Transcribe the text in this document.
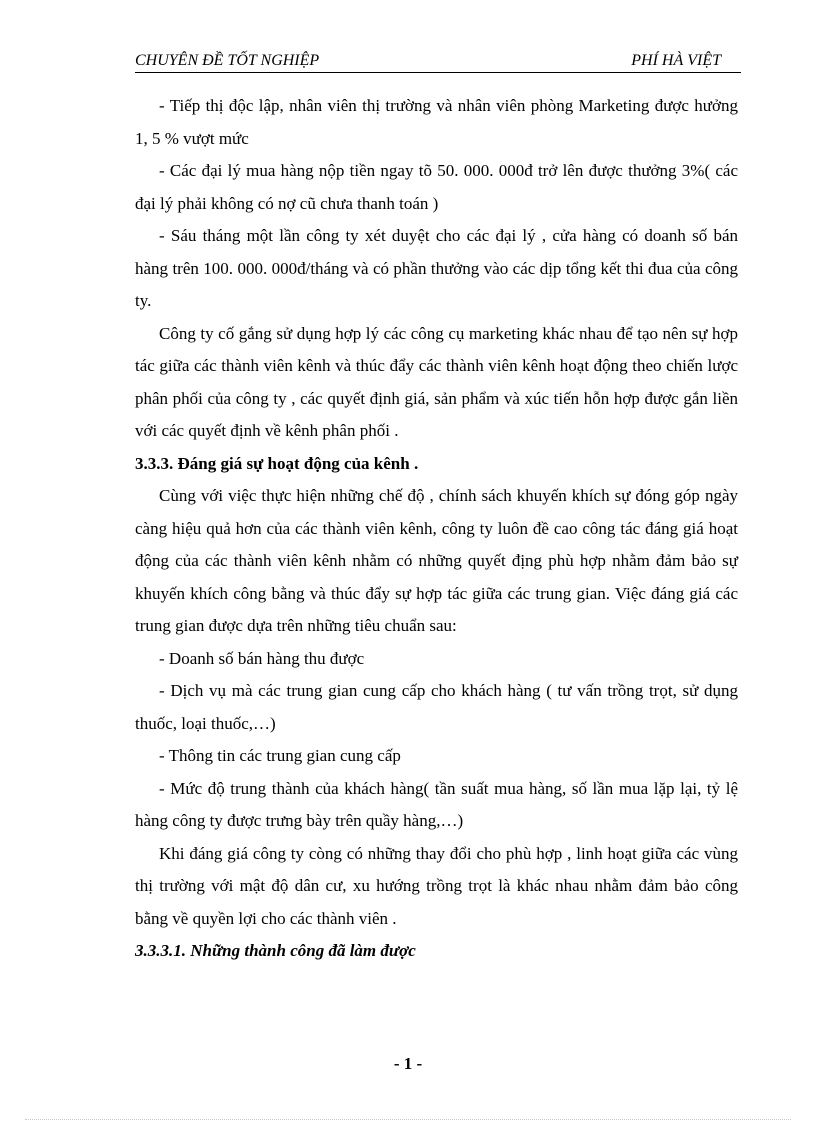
CHUYÊN ĐỀ TỐT NGHIỆP	PHÍ HÀ VIỆT

- Tiếp thị độc lập, nhân viên thị trường và nhân viên phòng Marketing được hưởng 1, 5 % vượt mức

- Các đại lý mua hàng nộp tiền ngay tõ 50. 000. 000đ trở lên được thưởng 3%( các đại lý phải không có nợ cũ chưa thanh toán )

- Sáu tháng một lần công ty xét duyệt cho các đại lý , cửa hàng có doanh số bán hàng trên 100. 000. 000đ/tháng và có phần thưởng vào các dịp tổng kết thi đua của công ty.

Công ty cố gắng sử dụng hợp lý các công cụ marketing khác nhau để tạo nên sự hợp tác giữa các thành viên kênh và thúc đẩy các thành viên kênh hoạt động theo chiến lược phân phối của công ty , các quyết định giá, sản phẩm và xúc tiến hỗn hợp được gắn liền với các quyết định về kênh phân phối .

3.3.3. Đáng giá sự hoạt động của kênh .

Cùng với việc thực hiện những chế độ , chính sách khuyến khích sự đóng góp ngày càng hiệu quả hơn của các thành viên kênh, công ty luôn đề cao công tác đáng giá hoạt động của các thành viên kênh nhằm có những quyết địng phù hợp nhằm đảm bảo sự khuyến khích công bằng và thúc đẩy sự hợp tác giữa các trung gian. Việc đáng giá các trung gian được dựa trên những tiêu chuẩn sau:

- Doanh số bán hàng thu được

- Dịch vụ mà các trung gian cung cấp cho khách hàng ( tư vấn trồng trọt, sử dụng thuốc, loại thuốc,…)

- Thông tin các trung gian cung cấp

- Mức độ trung thành của khách hàng( tần suất mua hàng, số lần mua lặp lại, tỷ lệ hàng công ty được trưng bày trên quầy hàng,…)

Khi đáng giá công ty còng có những thay đổi cho phù hợp , linh hoạt giữa các vùng thị trường với mật độ dân cư, xu hướng trồng trọt là khác nhau nhằm đảm bảo công bằng về quyền lợi cho các thành viên .

3.3.3.1. Những thành công đã làm được

- 1 -
